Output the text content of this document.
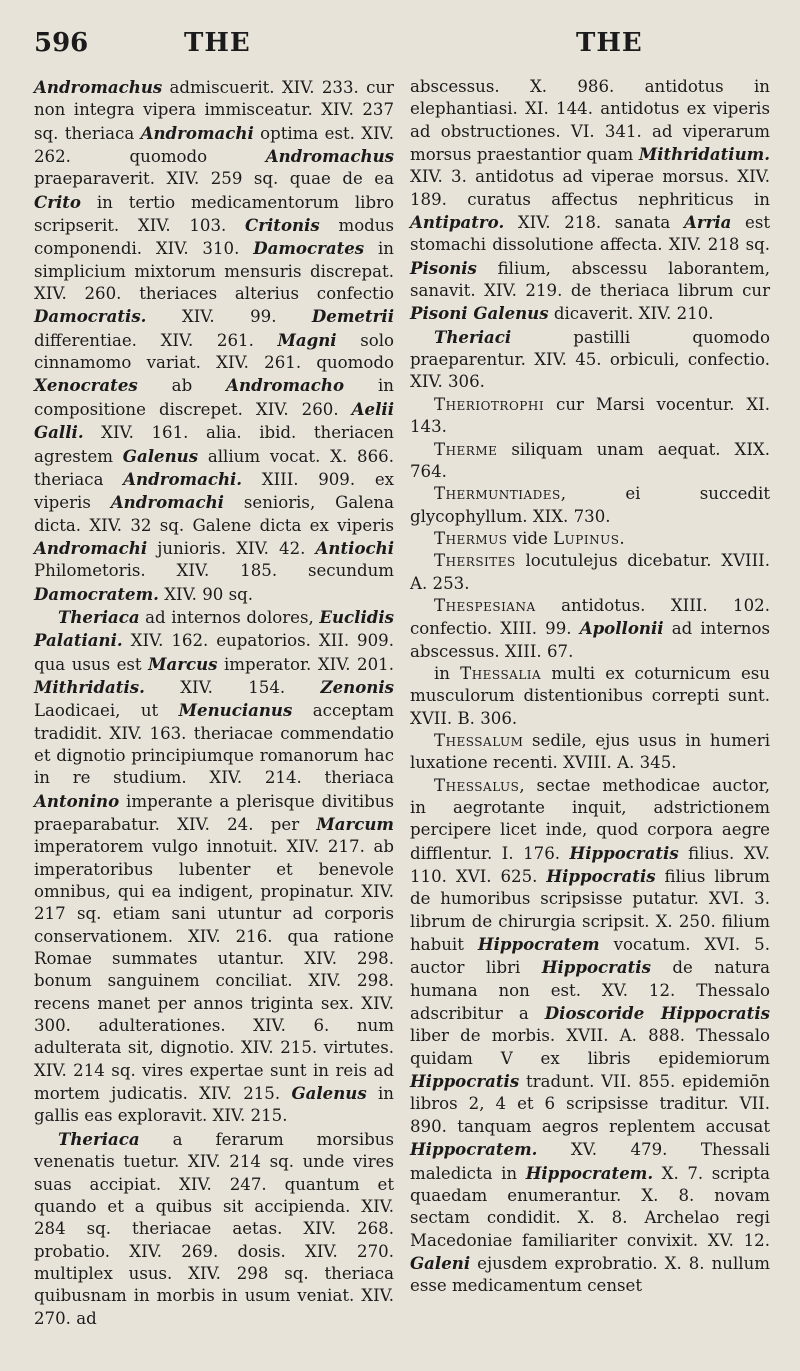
596	THE	THE

Andromachus admiscuerit. XIV. 233. cur non integra vipera immisceatur. XIV. 237 sq. theriaca Andromachi optima est. XIV. 262. quomodo Andromachus praeparaverit. XIV. 259 sq. quae de ea Crito in tertio medicamentorum libro scripserit. XIV. 103. Critonis modus componendi. XIV. 310. Damocrates in simplicium mixtorum mensuris discrepat. XIV. 260. theriaces alterius confectio Damocratis. XIV. 99. Demetrii differentiae. XIV. 261. Magni solo cinnamomo variat. XIV. 261. quomodo Xenocrates ab Andromacho in compositione discrepet. XIV. 260. Aelii Galli. XIV. 161. alia. ibid. theriacen agrestem Galenus allium vocat. X. 866. theriaca Andromachi. XIII. 909. ex viperis Andromachi senioris, Galena dicta. XIV. 32 sq. Galene dicta ex viperis Andromachi junioris. XIV. 42. Antiochi Philometoris. XIV. 185. secundum Damocratem. XIV. 90 sq.

Theriaca ad internos dolores, Euclidis Palatiani. XIV. 162. eupatorios. XII. 909. qua usus est Marcus imperator. XIV. 201. Mithridatis. XIV. 154. Zenonis Laodicaei, ut Menucianus acceptam tradidit. XIV. 163. theriacae commendatio et dignotio principiumque romanorum hac in re studium. XIV. 214. theriaca Antonino imperante a plerisque divitibus praeparabatur. XIV. 24. per Marcum imperatorem vulgo innotuit. XIV. 217. ab imperatoribus lubenter et benevole omnibus, qui ea indigent, propinatur. XIV. 217 sq. etiam sani utuntur ad corporis conservationem. XIV. 216. qua ratione Romae summates utantur. XIV. 298. bonum sanguinem conciliat. XIV. 298. recens manet per annos triginta sex. XIV. 300. adulterationes. XIV. 6. num adulterata sit, dignotio. XIV. 215. virtutes. XIV. 214 sq. vires expertae sunt in reis ad mortem judicatis. XIV. 215. Galenus in gallis eas exploravit. XIV. 215.

Theriaca a ferarum morsibus venenatis tuetur. XIV. 214 sq. unde vires suas accipiat. XIV. 247. quantum et quando et a quibus sit accipienda. XIV. 284 sq. theriacae aetas. XIV. 268. probatio. XIV. 269. dosis. XIV. 270. multiplex usus. XIV. 298 sq. theriaca quibusnam in morbis in usum veniat. XIV. 270. ad

abscessus. X. 986. antidotus in elephantiasi. XI. 144. antidotus ex viperis ad obstructiones. VI. 341. ad viperarum morsus praestantior quam Mithridatium. XIV. 3. antidotus ad viperae morsus. XIV. 189. curatus affectus nephriticus in Antipatro. XIV. 218. sanata Arria est stomachi dissolutione affecta. XIV. 218 sq. Pisonis filium, abscessu laborantem, sanavit. XIV. 219. de theriaca librum cur Pisoni Galenus dicaverit. XIV. 210.

Theriaci pastilli quomodo praeparentur. XIV. 45. orbiculi, confectio. XIV. 306.

Theriotrophi cur Marsi vocentur. XI. 143.

Therme siliquam unam aequat. XIX. 764.

Thermuntiades, ei succedit glycophyllum. XIX. 730.

Thermus vide Lupinus.

Thersites locutulejus dicebatur. XVIII. A. 253.

Thespesiana antidotus. XIII. 102. confectio. XIII. 99. Apollonii ad internos abscessus. XIII. 67.

in Thessalia multi ex coturnicum esu musculorum distentionibus correpti sunt. XVII. B. 306.

Thessalum sedile, ejus usus in humeri luxatione recenti. XVIII. A. 345.

Thessalus, sectae methodicae auctor, in aegrotante inquit, adstrictionem percipere licet inde, quod corpora aegre difflentur. I. 176. Hippocratis filius. XV. 110. XVI. 625. Hippocratis filius librum de humoribus scripsisse putatur. XVI. 3. librum de chirurgia scripsit. X. 250. filium habuit Hippocratem vocatum. XVI. 5. auctor libri Hippocratis de natura humana non est. XV. 12. Thessalo adscribitur a Dioscoride Hippocratis liber de morbis. XVII. A. 888. Thessalo quidam V ex libris epidemiorum Hippocratis tradunt. VII. 855. epidemiōn libros 2, 4 et 6 scripsisse traditur. VII. 890. tanquam aegros replentem accusat Hippocratem. XV. 479. Thessali maledicta in Hippocratem. X. 7. scripta quaedam enumerantur. X. 8. novam sectam condidit. X. 8. Archelao regi Macedoniae familiariter convixit. XV. 12. Galeni ejusdem exprobratio. X. 8. nullum esse medicamentum censet
